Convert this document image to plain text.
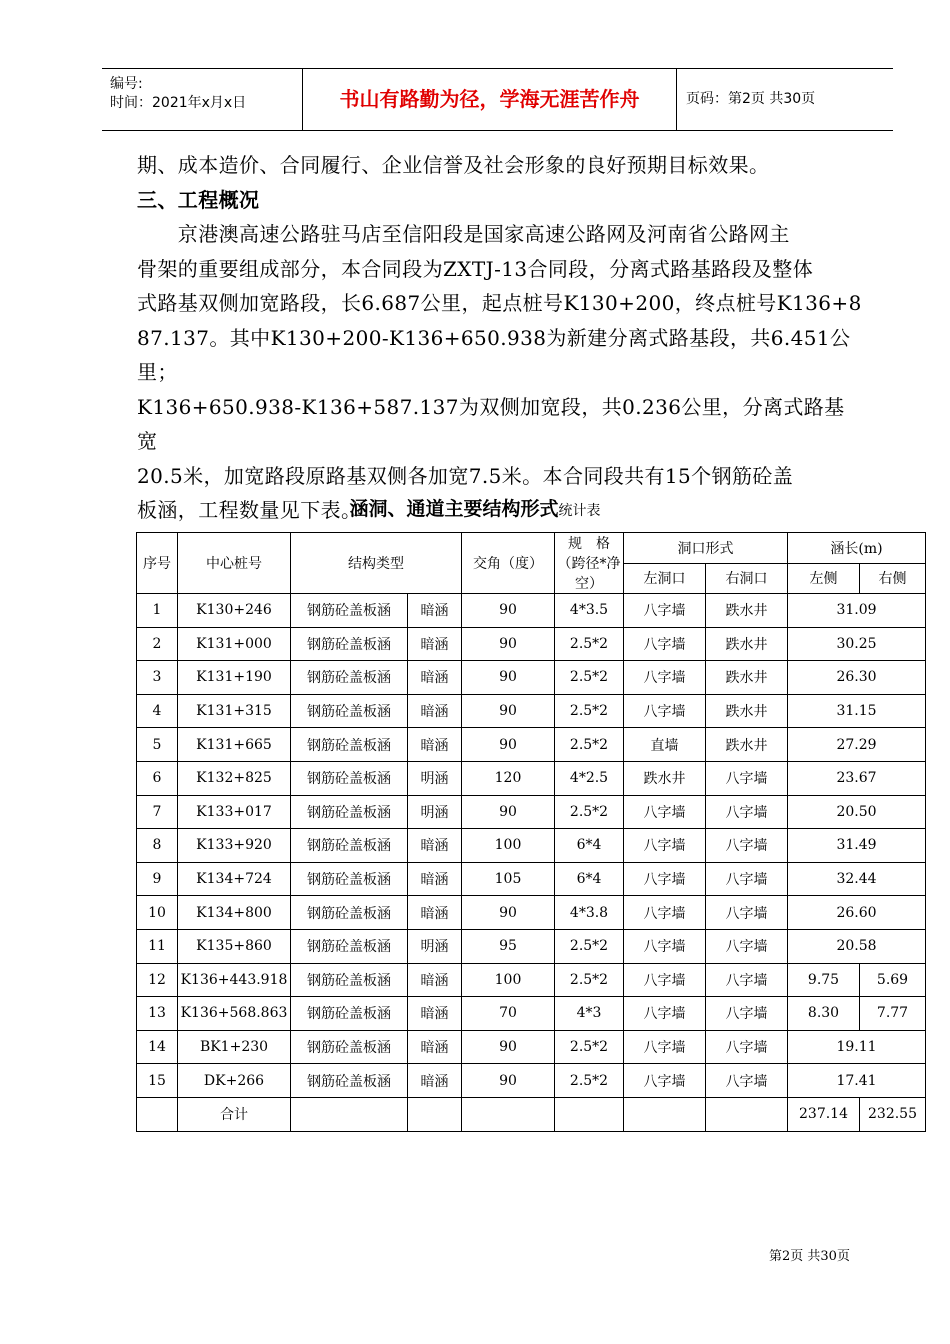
编号:
时间：2021年x月x日	书山有路勤为径，学海无涯苦作舟	页码：第2页 共30页

期、成本造价、合同履行、企业信誉及社会形象的良好预期目标效果。

三、工程概况

　　京港澳高速公路驻马店至信阳段是国家高速公路网及河南省公路网主

骨架的重要组成部分，本合同段为ZXTJ-13合同段，分离式路基路段及整体

式路基双侧加宽路段，长6.687公里，起点桩号K130+200，终点桩号K136+8

87.137。其中K130+200-K136+650.938为新建分离式路基段，共6.451公里；

K136+650.938-K136+587.137为双侧加宽段，共0.236公里，分离式路基宽

20.5米，加宽路段原路基双侧各加宽7.5米。本合同段共有15个钢筋砼盖

板涵，工程数量见下表。

涵洞、通道主要结构形式统计表
序号	中心桩号	结构类型		交角（度）	规　格（跨径*净空）	洞口形式		涵长(m)	
						左洞口	右洞口	左侧	右侧
1	K130+246	钢筋砼盖板涵	暗涵	90	4*3.5	八字墙	跌水井	31.09	
2	K131+000	钢筋砼盖板涵	暗涵	90	2.5*2	八字墙	跌水井	30.25	
3	K131+190	钢筋砼盖板涵	暗涵	90	2.5*2	八字墙	跌水井	26.30	
4	K131+315	钢筋砼盖板涵	暗涵	90	2.5*2	八字墙	跌水井	31.15	
5	K131+665	钢筋砼盖板涵	暗涵	90	2.5*2	直墙	跌水井	27.29	
6	K132+825	钢筋砼盖板涵	明涵	120	4*2.5	跌水井	八字墙	23.67	
7	K133+017	钢筋砼盖板涵	明涵	90	2.5*2	八字墙	八字墙	20.50	
8	K133+920	钢筋砼盖板涵	暗涵	100	6*4	八字墙	八字墙	31.49	
9	K134+724	钢筋砼盖板涵	暗涵	105	6*4	八字墙	八字墙	32.44	
10	K134+800	钢筋砼盖板涵	暗涵	90	4*3.8	八字墙	八字墙	26.60	
11	K135+860	钢筋砼盖板涵	明涵	95	2.5*2	八字墙	八字墙	20.58	
12	K136+443.918	钢筋砼盖板涵	暗涵	100	2.5*2	八字墙	八字墙	9.75	5.69
13	K136+568.863	钢筋砼盖板涵	暗涵	70	4*3	八字墙	八字墙	8.30	7.77
14	BK1+230	钢筋砼盖板涵	暗涵	90	2.5*2	八字墙	八字墙	19.11	
15	DK+266	钢筋砼盖板涵	暗涵	90	2.5*2	八字墙	八字墙	17.41	
	合计							237.14	232.55
第2页 共30页
